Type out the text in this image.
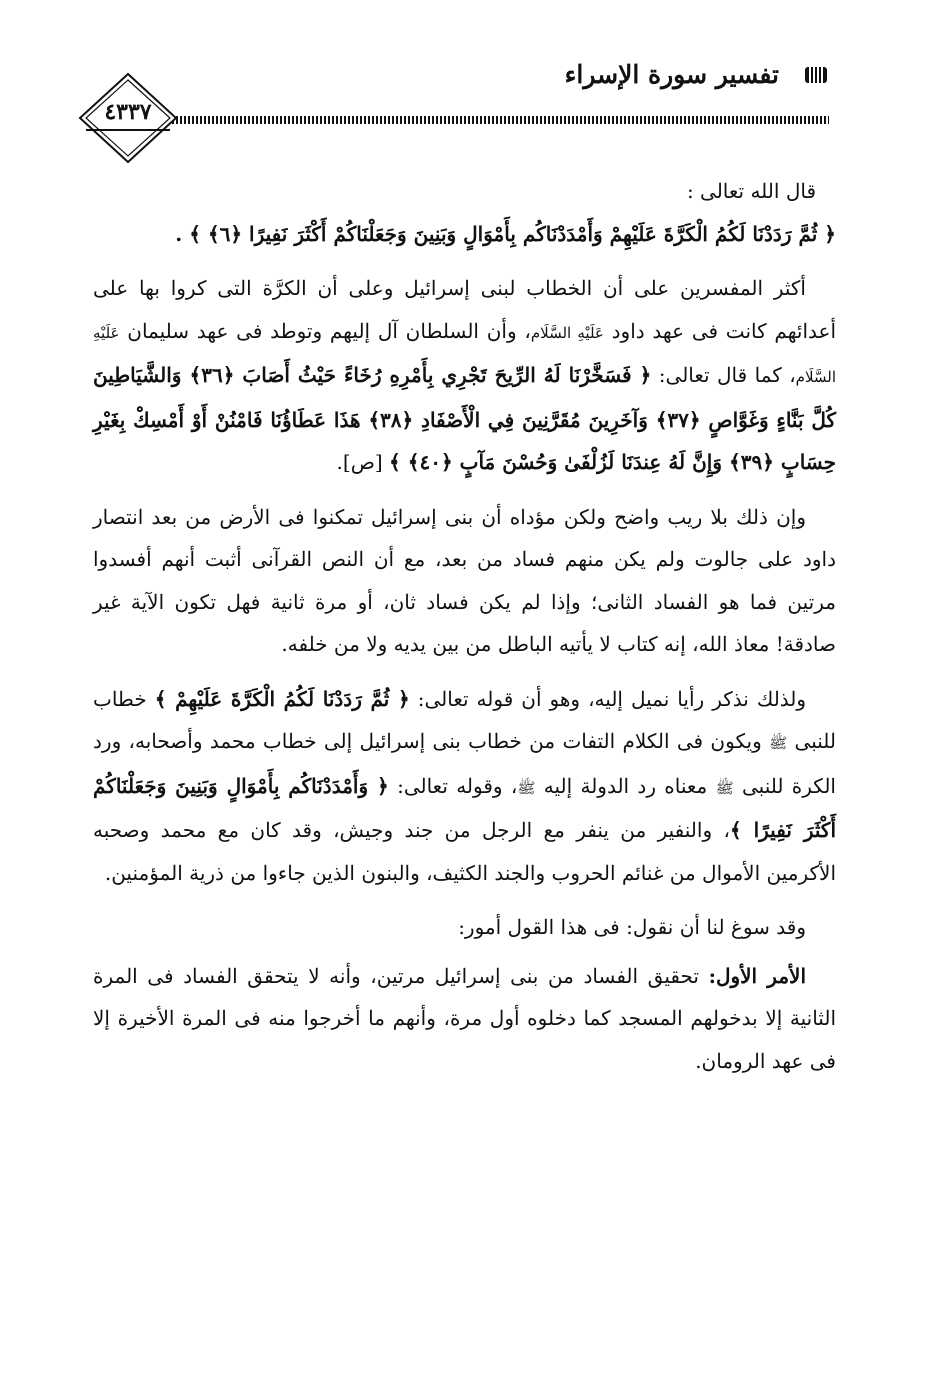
تفسير سورة الإسراء
٤٣٣٧

قال الله تعالى :

﴿ ثُمَّ رَدَدْنَا لَكُمُ الْكَرَّةَ عَلَيْهِمْ وَأَمْدَدْنَاكُم بِأَمْوَالٍ وَبَنِينَ وَجَعَلْنَاكُمْ أَكْثَرَ نَفِيرًا ﴿٦﴾ ﴾ .

أكثر المفسرين على أن الخطاب لبنى إسرائيل وعلى أن الكرَّة التى كروا بها على أعدائهم كانت فى عهد داود عَلَيْهِ السَّلَام، وأن السلطان آل إليهم وتوطد فى عهد سليمان عَلَيْهِ السَّلَام، كما قال تعالى: ﴿ فَسَخَّرْنَا لَهُ الرِّيحَ تَجْرِي بِأَمْرِهِ رُخَاءً حَيْثُ أَصَابَ ﴿٣٦﴾ وَالشَّيَاطِينَ كُلَّ بَنَّاءٍ وَغَوَّاصٍ ﴿٣٧﴾ وَآخَرِينَ مُقَرَّنِينَ فِي الْأَصْفَادِ ﴿٣٨﴾ هَذَا عَطَاؤُنَا فَامْنُنْ أَوْ أَمْسِكْ بِغَيْرِ حِسَابٍ ﴿٣٩﴾ وَإِنَّ لَهُ عِندَنَا لَزُلْفَىٰ وَحُسْنَ مَآبٍ ﴿٤٠﴾ ﴾ [ص].

وإن ذلك بلا ريب واضح ولكن مؤداه أن بنى إسرائيل تمكنوا فى الأرض من بعد انتصار داود على جالوت ولم يكن منهم فساد من بعد، مع أن النص القرآنى أثبت أنهم أفسدوا مرتين فما هو الفساد الثانى؛ وإذا لم يكن فساد ثان، أو مرة ثانية فهل تكون الآية غير صادقة! معاذ الله، إنه كتاب لا يأتيه الباطل من بين يديه ولا من خلفه.

ولذلك نذكر رأيا نميل إليه، وهو أن قوله تعالى: ﴿ ثُمَّ رَدَدْنَا لَكُمُ الْكَرَّةَ عَلَيْهِمْ ﴾ خطاب للنبى ﷺ ويكون فى الكلام التفات من خطاب بنى إسرائيل إلى خطاب محمد وأصحابه، ورد الكرة للنبى ﷺ معناه رد الدولة إليه ﷺ، وقوله تعالى: ﴿ وَأَمْدَدْنَاكُم بِأَمْوَالٍ وَبَنِينَ وَجَعَلْنَاكُمْ أَكْثَرَ نَفِيرًا ﴾، والنفير من ينفر مع الرجل من جند وجيش، وقد كان مع محمد وصحبه الأكرمين الأموال من غنائم الحروب والجند الكثيف، والبنون الذين جاءوا من ذرية المؤمنين.

وقد سوغ لنا أن نقول: فى هذا القول أمور:

الأمر الأول: تحقيق الفساد من بنى إسرائيل مرتين، وأنه لا يتحقق الفساد فى المرة الثانية إلا بدخولهم المسجد كما دخلوه أول مرة، وأنهم ما أخرجوا منه فى المرة الأخيرة إلا فى عهد الرومان.
